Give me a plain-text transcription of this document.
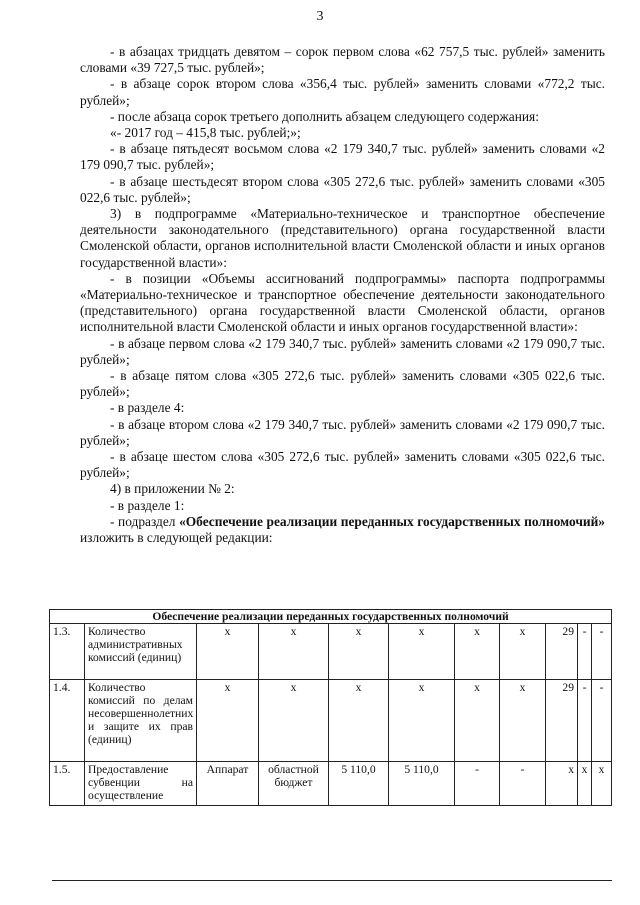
3

- в абзацах тридцать девятом – сорок первом слова «62 757,5 тыс. рублей» заменить словами «39 727,5 тыс. рублей»;

- в абзаце сорок втором слова «356,4 тыс. рублей» заменить словами «772,2 тыс. рублей»;

- после абзаца сорок третьего дополнить абзацем следующего содержания:

«- 2017 год – 415,8 тыс. рублей;»;

- в абзаце пятьдесят восьмом слова «2 179 340,7 тыс. рублей» заменить словами «2 179 090,7 тыс. рублей»;

- в абзаце шестьдесят втором слова «305 272,6 тыс. рублей» заменить словами «305 022,6 тыс. рублей»;

3) в подпрограмме «Материально-техническое и транспортное обеспечение деятельности законодательного (представительного) органа государственной власти Смоленской области, органов исполнительной власти Смоленской области и иных органов государственной власти»:

- в позиции «Объемы ассигнований подпрограммы» паспорта подпрограммы «Материально-техническое и транспортное обеспечение деятельности законодательного (представительного) органа государственной власти Смоленской области, органов исполнительной власти Смоленской области и иных органов государственной власти»:

- в абзаце первом слова «2 179 340,7 тыс. рублей» заменить словами «2 179 090,7 тыс. рублей»;

- в абзаце пятом слова «305 272,6 тыс. рублей» заменить словами «305 022,6 тыс. рублей»;

- в разделе 4:

- в абзаце втором слова «2 179 340,7 тыс. рублей» заменить словами «2 179 090,7 тыс. рублей»;

- в абзаце шестом слова «305 272,6 тыс. рублей» заменить словами «305 022,6 тыс. рублей»;

4) в приложении № 2:

- в разделе 1:

- подраздел «Обеспечение реализации переданных государственных полномочий» изложить в следующей редакции:

Обеспечение реализации переданных государственных полномочий										
1.3.	Количество административных комиссий (единиц)	х	х	х	х	х	х	29	-	-
1.4.	Количество комиссий по делам несовершеннолетних и защите их прав (единиц)	х	х	х	х	х	х	29	-	-
1.5.	Предоставление субвенции на осуществление	Аппарат	областной бюджет	5 110,0	5 110,0	-	-	х	х	х
